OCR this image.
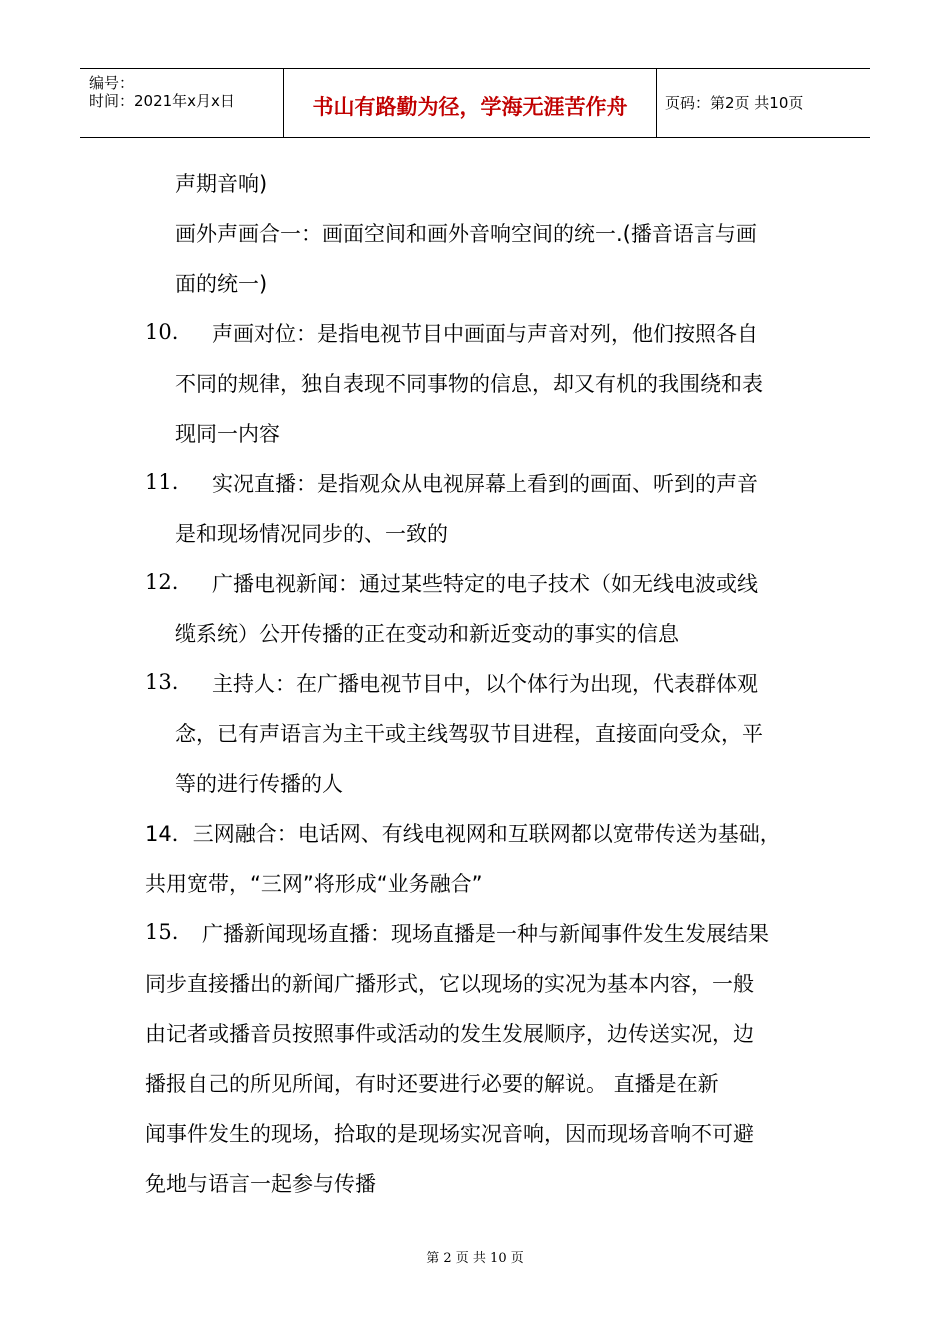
编号：
时间：2021年x月x日	书山有路勤为径，学海无涯苦作舟	页码：第2页 共10页
声期音响)
画外声画合一：画面空间和画外音响空间的统一.(播音语言与画
面的统一)
10. 声画对位：是指电视节目中画面与声音对列，他们按照各自
不同的规律，独自表现不同事物的信息，却又有机的我围绕和表
现同一内容
11. 实况直播：是指观众从电视屏幕上看到的画面、听到的声音
是和现场情况同步的、一致的
12. 广播电视新闻：通过某些特定的电子技术（如无线电波或线
缆系统）公开传播的正在变动和新近变动的事实的信息
13. 主持人：在广播电视节目中，以个体行为出现，代表群体观
念，已有声语言为主干或主线驾驭节目进程，直接面向受众，平
等的进行传播的人
14．三网融合：电话网、有线电视网和互联网都以宽带传送为基础，
共用宽带，“三网”将形成“业务融合”
15. 广播新闻现场直播：现场直播是一种与新闻事件发生发展结果
同步直接播出的新闻广播形式，它以现场的实况为基本内容，一般
由记者或播音员按照事件或活动的发生发展顺序，边传送实况，边
播报自己的所见所闻，有时还要进行必要的解说。 直播是在新
闻事件发生的现场，拾取的是现场实况音响，因而现场音响不可避
免地与语言一起参与传播
第 2 页 共 10 页
